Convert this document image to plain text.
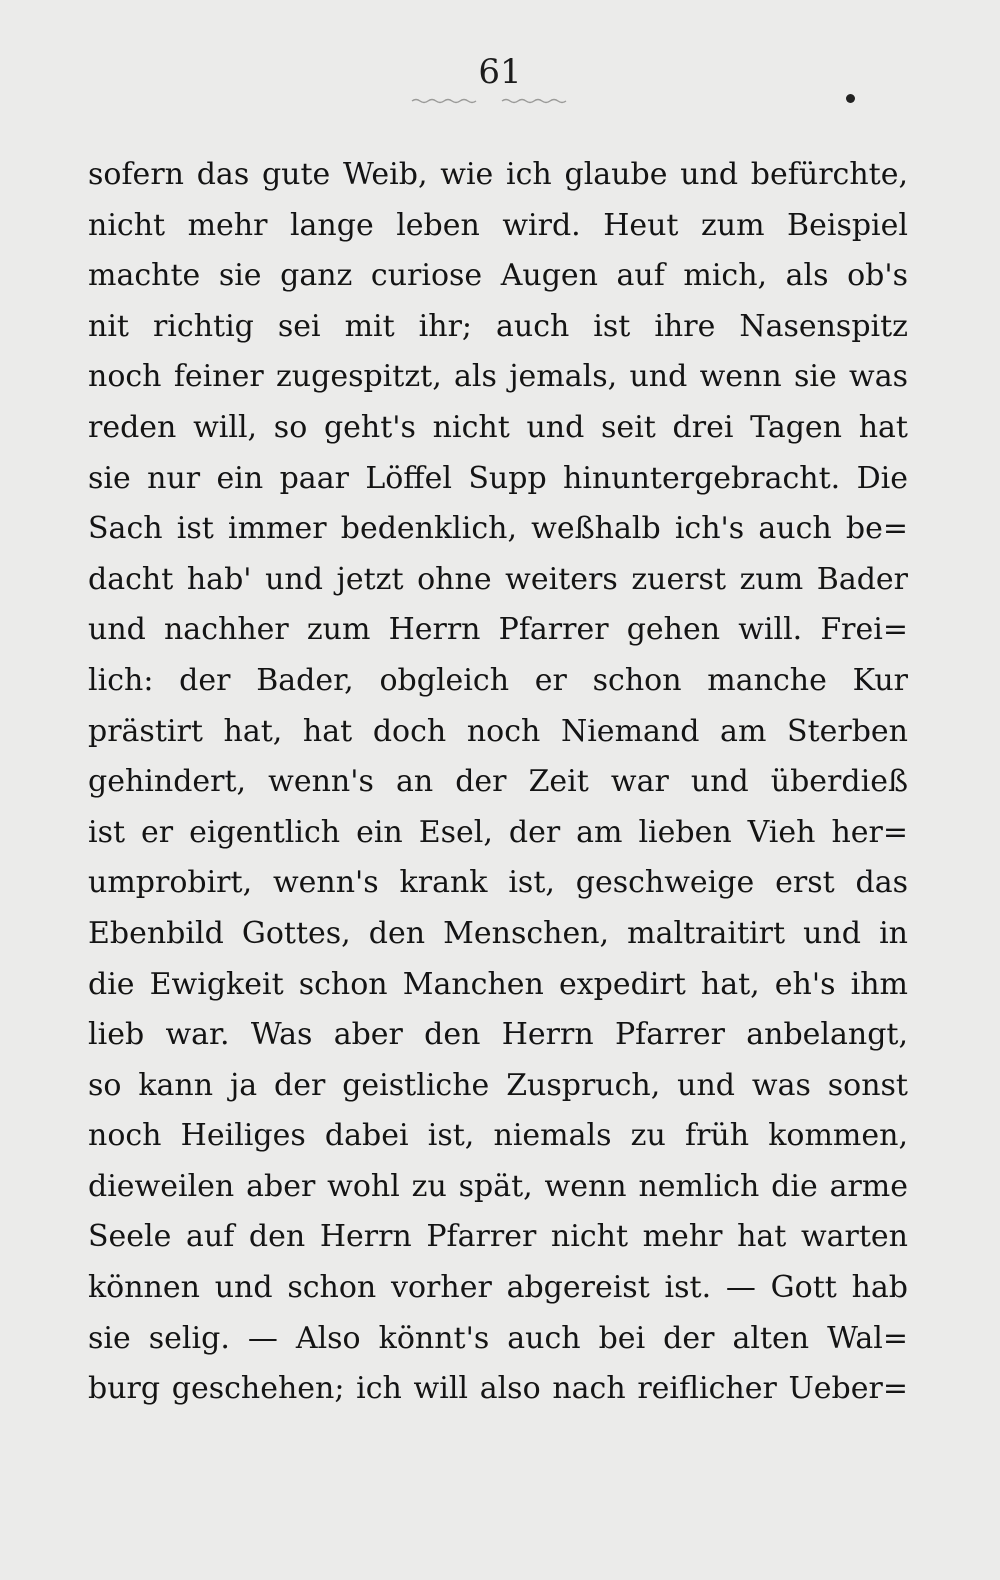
61
sofern das gute Weib, wie ich glaube und befürchte,
nicht mehr lange leben wird. Heut zum Beispiel
machte sie ganz curiose Augen auf mich, als ob's
nit richtig sei mit ihr; auch ist ihre Nasenspitz
noch feiner zugespitzt, als jemals, und wenn sie was
reden will, so geht's nicht und seit drei Tagen hat
sie nur ein paar Löffel Supp hinuntergebracht. Die
Sach ist immer bedenklich, weßhalb ich's auch be=
dacht hab' und jetzt ohne weiters zuerst zum Bader
und nachher zum Herrn Pfarrer gehen will. Frei=
lich: der Bader, obgleich er schon manche Kur
prästirt hat, hat doch noch Niemand am Sterben
gehindert, wenn's an der Zeit war und überdieß
ist er eigentlich ein Esel, der am lieben Vieh her=
umprobirt, wenn's krank ist, geschweige erst das
Ebenbild Gottes, den Menschen, maltraitirt und in
die Ewigkeit schon Manchen expedirt hat, eh's ihm
lieb war. Was aber den Herrn Pfarrer anbelangt,
so kann ja der geistliche Zuspruch, und was sonst
noch Heiliges dabei ist, niemals zu früh kommen,
dieweilen aber wohl zu spät, wenn nemlich die arme
Seele auf den Herrn Pfarrer nicht mehr hat warten
können und schon vorher abgereist ist. — Gott hab
sie selig. — Also könnt's auch bei der alten Wal=
burg geschehen; ich will also nach reiflicher Ueber=
